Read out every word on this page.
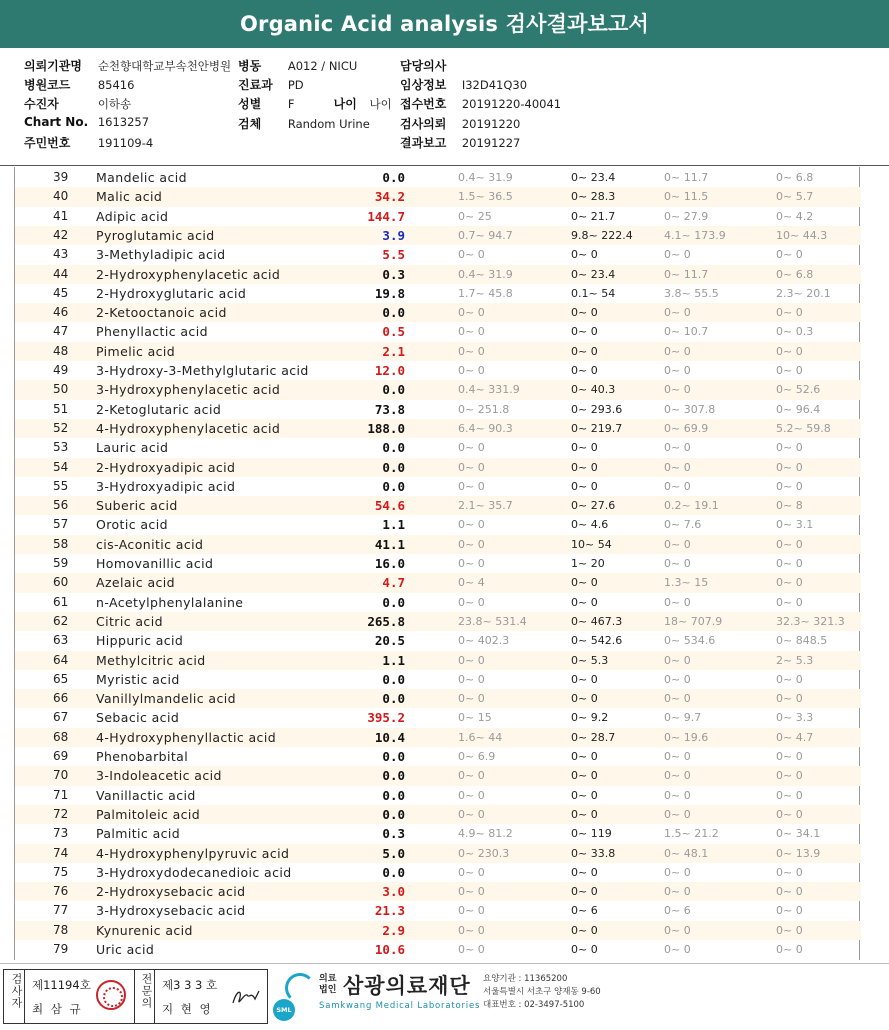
Organic Acid analysis 검사결과보고서
의뢰기관명 순천향대학교부속천안병원 병동 A012 / NICU	담당의사
병원코드 85416	진료과 PD	임상정보 I32D41Q30
수진자	이하송	성별 F	나이 나이 접수번호 20191220-40041
Chart No. 1613257	검체 Random Urine	검사의뢰 20191220
주민번호 191109-4	결과보고 20191227
39	Mandelic acid	0.0	0.4~ 31.9	0~ 23.4	0~ 11.7	0~ 6.8
40	Malic acid	34.2	1.5~ 36.5	0~ 28.3	0~ 11.5	0~ 5.7
41	Adipic acid	144.7	0~ 25	0~ 21.7	0~ 27.9	0~ 4.2
42	Pyroglutamic acid	3.9	0.7~ 94.7	9.8~ 222.4	4.1~ 173.9	10~ 44.3
43	3-Methyladipic acid	5.5	0~ 0	0~ 0	0~ 0	0~ 0
44	2-Hydroxyphenylacetic acid	0.3	0.4~ 31.9	0~ 23.4	0~ 11.7	0~ 6.8
45	2-Hydroxyglutaric acid	19.8	1.7~ 45.8	0.1~ 54	3.8~ 55.5	2.3~ 20.1
46	2-Ketooctanoic acid	0.0	0~ 0	0~ 0	0~ 0	0~ 0
47	Phenyllactic acid	0.5	0~ 0	0~ 0	0~ 10.7	0~ 0.3
48	Pimelic acid	2.1	0~ 0	0~ 0	0~ 0	0~ 0
49	3-Hydroxy-3-Methylglutaric acid	12.0	0~ 0	0~ 0	0~ 0	0~ 0
50	3-Hydroxyphenylacetic acid	0.0	0.4~ 331.9	0~ 40.3	0~ 0	0~ 52.6
51	2-Ketoglutaric acid	73.8	0~ 251.8	0~ 293.6	0~ 307.8	0~ 96.4
52	4-Hydroxyphenylacetic acid	188.0	6.4~ 90.3	0~ 219.7	0~ 69.9	5.2~ 59.8
53	Lauric acid	0.0	0~ 0	0~ 0	0~ 0	0~ 0
54	2-Hydroxyadipic acid	0.0	0~ 0	0~ 0	0~ 0	0~ 0
55	3-Hydroxyadipic acid	0.0	0~ 0	0~ 0	0~ 0	0~ 0
56	Suberic acid	54.6	2.1~ 35.7	0~ 27.6	0.2~ 19.1	0~ 8
57	Orotic acid	1.1	0~ 0	0~ 4.6	0~ 7.6	0~ 3.1
58	cis-Aconitic acid	41.1	0~ 0	10~ 54	0~ 0	0~ 0
59	Homovanillic acid	16.0	0~ 0	1~ 20	0~ 0	0~ 0
60	Azelaic acid	4.7	0~ 4	0~ 0	1.3~ 15	0~ 0
61	n-Acetylphenylalanine	0.0	0~ 0	0~ 0	0~ 0	0~ 0
62	Citric acid	265.8	23.8~ 531.4	0~ 467.3	18~ 707.9	32.3~ 321.3
63	Hippuric acid	20.5	0~ 402.3	0~ 542.6	0~ 534.6	0~ 848.5
64	Methylcitric acid	1.1	0~ 0	0~ 5.3	0~ 0	2~ 5.3
65	Myristic acid	0.0	0~ 0	0~ 0	0~ 0	0~ 0
66	Vanillylmandelic acid	0.0	0~ 0	0~ 0	0~ 0	0~ 0
67	Sebacic acid	395.2	0~ 15	0~ 9.2	0~ 9.7	0~ 3.3
68	4-Hydroxyphenyllactic acid	10.4	1.6~ 44	0~ 28.7	0~ 19.6	0~ 4.7
69	Phenobarbital	0.0	0~ 6.9	0~ 0	0~ 0	0~ 0
70	3-Indoleacetic acid	0.0	0~ 0	0~ 0	0~ 0	0~ 0
71	Vanillactic acid	0.0	0~ 0	0~ 0	0~ 0	0~ 0
72	Palmitoleic acid	0.0	0~ 0	0~ 0	0~ 0	0~ 0
73	Palmitic acid	0.3	4.9~ 81.2	0~ 119	1.5~ 21.2	0~ 34.1
74	4-Hydroxyphenylpyruvic acid	5.0	0~ 230.3	0~ 33.8	0~ 48.1	0~ 13.9
75	3-Hydroxydodecanedioic acid	0.0	0~ 0	0~ 0	0~ 0	0~ 0
76	2-Hydroxysebacic acid	3.0	0~ 0	0~ 0	0~ 0	0~ 0
77	3-Hydroxysebacic acid	21.3	0~ 0	0~ 6	0~ 6	0~ 0
78	Kynurenic acid	2.9	0~ 0	0~ 0	0~ 0	0~ 0
79	Uric acid	10.6	0~ 0	0~ 0	0~ 0	0~ 0
검사자 제11194호
최 삼 규	전문의 제3 3 3 호
지 현 영	SML
의료
법인 삼광의료재단
Samkwang Medical Laboratories
요양기관 : 11365200
서울특별시 서초구 양재동 9-60
대표번호 : 02-3497-5100
